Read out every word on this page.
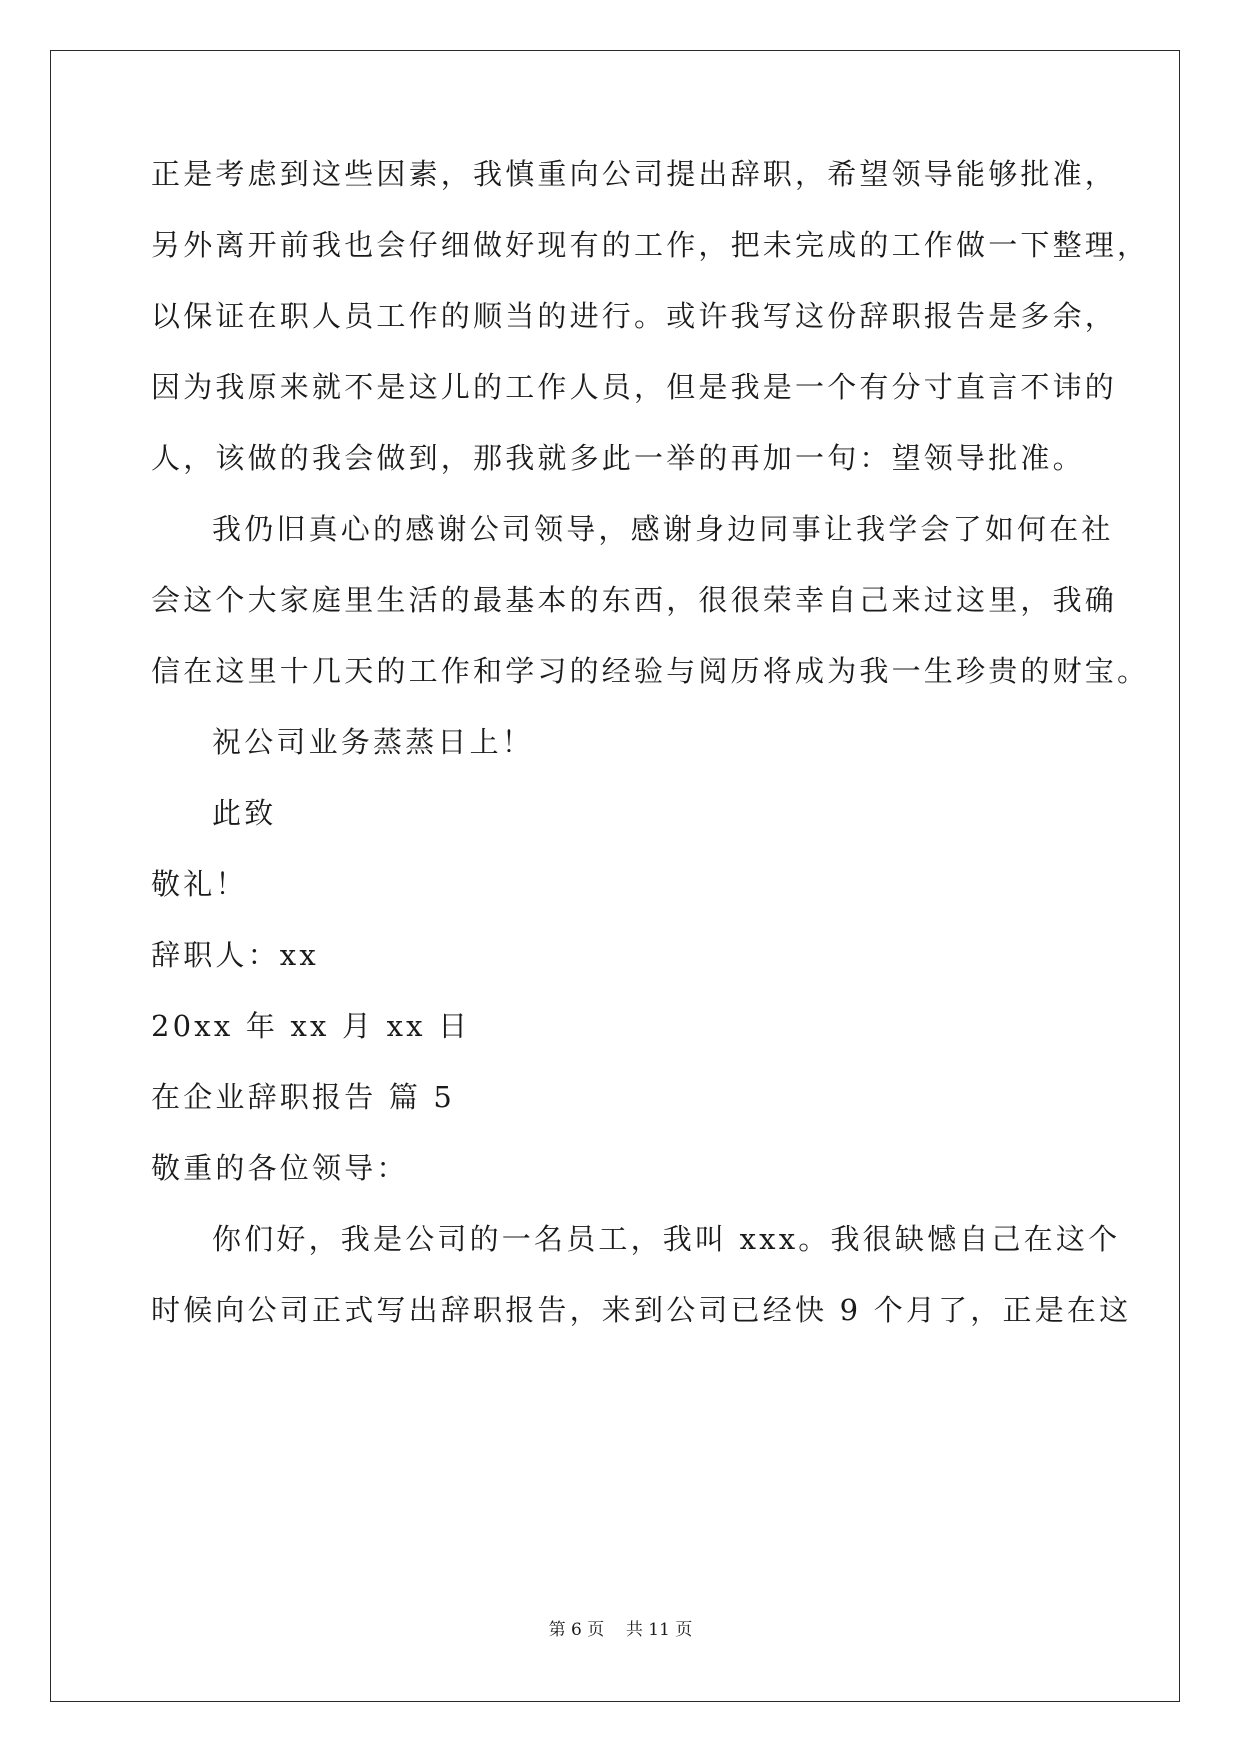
正是考虑到这些因素，我慎重向公司提出辞职，希望领导能够批准，
另外离开前我也会仔细做好现有的工作，把未完成的工作做一下整理，
以保证在职人员工作的顺当的进行。或许我写这份辞职报告是多余，
因为我原来就不是这儿的工作人员，但是我是一个有分寸直言不讳的
人，该做的我会做到，那我就多此一举的再加一句：望领导批准。
我仍旧真心的感谢公司领导，感谢身边同事让我学会了如何在社
会这个大家庭里生活的最基本的东西，很很荣幸自己来过这里，我确
信在这里十几天的工作和学习的经验与阅历将成为我一生珍贵的财宝。
祝公司业务蒸蒸日上！
此致
敬礼！
辞职人：xx
20xx 年 xx 月 xx 日
在企业辞职报告 篇 5
敬重的各位领导：
你们好，我是公司的一名员工，我叫 xxx。我很缺憾自己在这个
时候向公司正式写出辞职报告，来到公司已经快 9 个月了，正是在这
第 6 页    共 11 页
